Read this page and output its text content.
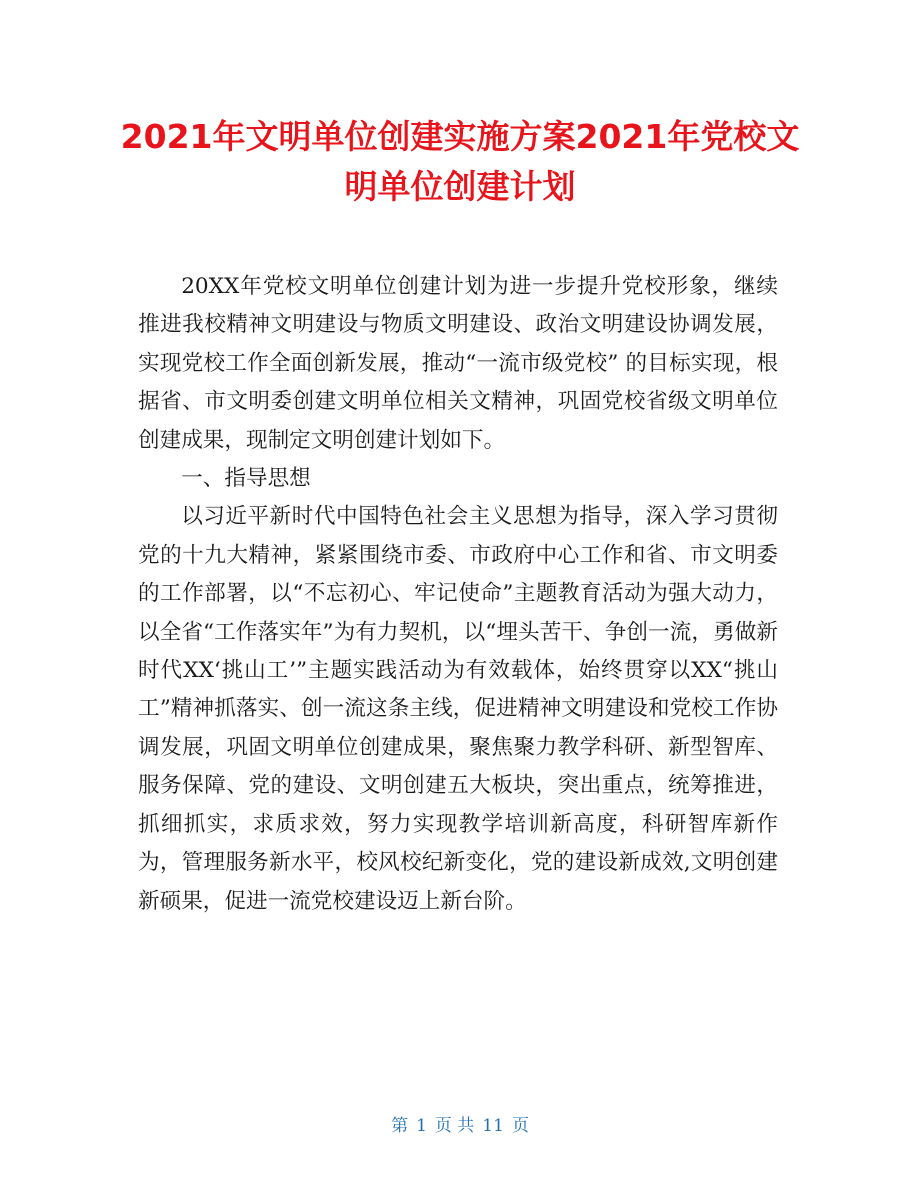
2021年文明单位创建实施方案2021年党校文
明单位创建计划

20XX年党校文明单位创建计划为进一步提升党校形象，继续推进我校精神文明建设与物质文明建设、政治文明建设协调发展，实现党校工作全面创新发展，推动“一流市级党校” 的目标实现，根据省、市文明委创建文明单位相关文精神，巩固党校省级文明单位创建成果，现制定文明创建计划如下。

一、指导思想

以习近平新时代中国特色社会主义思想为指导，深入学习贯彻党的十九大精神，紧紧围绕市委、市政府中心工作和省、市文明委的工作部署，以“不忘初心、牢记使命”主题教育活动为强大动力，以全省“工作落实年”为有力契机，以“埋头苦干、争创一流，勇做新时代XX‘挑山工’”主题实践活动为有效载体，始终贯穿以XX“挑山工”精神抓落实、创一流这条主线，促进精神文明建设和党校工作协调发展，巩固文明单位创建成果，聚焦聚力教学科研、新型智库、服务保障、党的建设、文明创建五大板块，突出重点，统筹推进，抓细抓实，求质求效，努力实现教学培训新高度，科研智库新作为，管理服务新水平，校风校纪新变化，党的建设新成效,文明创建新硕果，促进一流党校建设迈上新台阶。

第 1 页 共 11 页
